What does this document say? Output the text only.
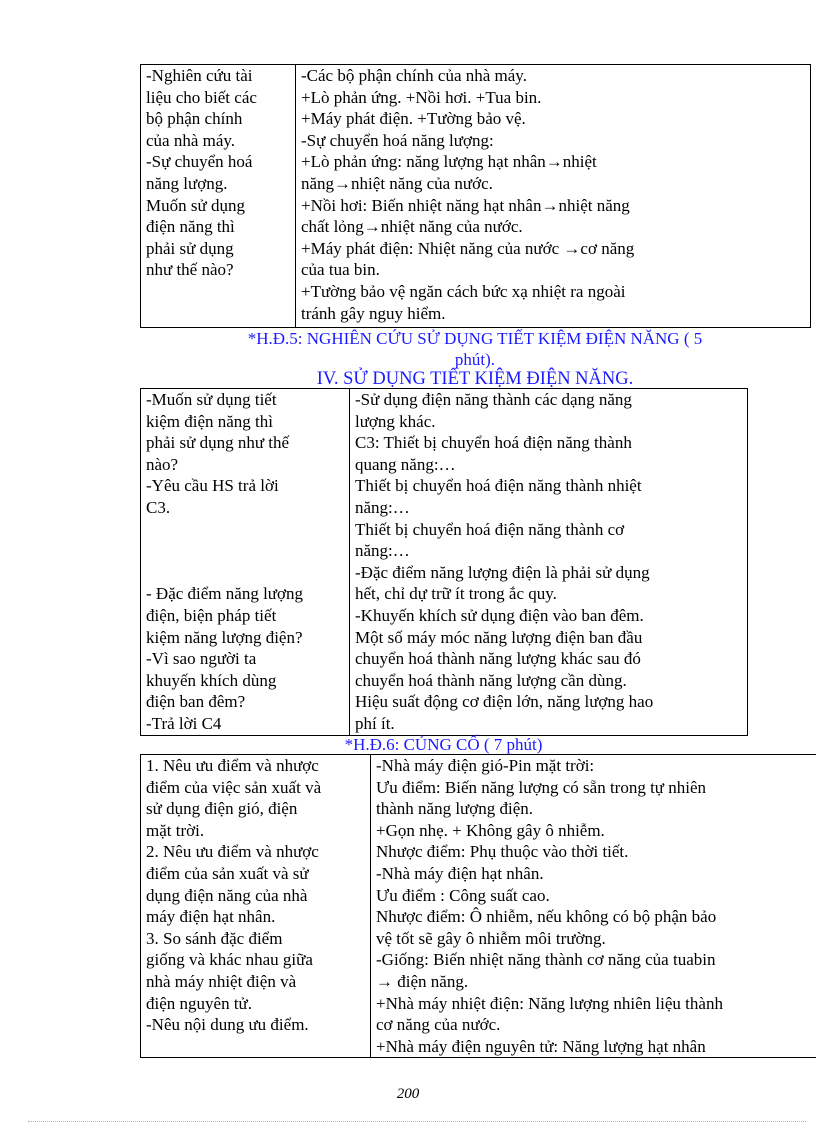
-Nghiên cứu tài
liệu cho biết các
bộ phận chính
của nhà máy.
-Sự chuyển hoá
năng lượng.
Muốn sử dụng
điện năng thì
phải sử dụng
như thế nào?

-Các bộ phận chính của nhà máy.
+Lò phản ứng. +Nồi hơi. +Tua bin.
+Máy phát điện. +Tường bảo vệ.
-Sự chuyển hoá năng lượng:
+Lò phản ứng: năng lượng hạt nhân→nhiệt
năng→nhiệt năng của nước.
+Nồi hơi: Biến nhiệt năng hạt nhân→nhiệt năng
chất lỏng→nhiệt năng của nước.
+Máy phát điện: Nhiệt năng của nước →cơ năng
của tua bin.
+Tường bảo vệ ngăn cách bức xạ nhiệt ra ngoài
tránh gây nguy hiểm.
*H.Đ.5: NGHIÊN CỨU SỬ DỤNG TIẾT KIỆM ĐIỆN NĂNG ( 5
phút).
IV. SỬ DỤNG TIẾT KIỆM ĐIỆN NĂNG.
-Muốn sử dụng tiết
kiệm điện năng thì
phải sử dụng như thế
nào?
-Yêu cầu HS trả lời
C3.

- Đặc điểm năng lượng
điện, biện pháp tiết
kiệm năng lượng điện?
-Vì sao người ta
khuyến khích dùng
điện ban đêm?
-Trả lời C4

-Sử dụng điện năng thành các dạng năng
lượng khác.
C3: Thiết bị chuyển hoá điện năng thành
quang năng:…
Thiết bị chuyển hoá điện năng thành nhiệt
năng:…
Thiết bị chuyển hoá điện năng thành cơ
năng:…
-Đặc điểm năng lượng điện là phải sử dụng
hết, chỉ dự trữ ít trong ắc quy.
-Khuyến khích sử dụng điện vào ban đêm.
Một số máy móc năng lượng điện ban đầu
chuyển hoá thành năng lượng khác sau đó
chuyển hoá thành năng lượng cần dùng.
Hiệu suất động cơ điện lớn, năng lượng hao
phí ít.
*H.Đ.6: CỦNG CỐ ( 7 phút)
1. Nêu ưu điểm và nhược
điểm của việc sản xuất và
sử dụng điện gió, điện
mặt trời.
2. Nêu ưu điểm và nhược
điểm của sản xuất và sử
dụng điện năng của nhà
máy điện hạt nhân.
3. So sánh đặc điểm
giống và khác nhau giữa
nhà máy nhiệt điện và
điện nguyên tử.
-Nêu nội dung ưu điểm.

-Nhà máy điện gió-Pin mặt trời:
Ưu điểm: Biến năng lượng có sẵn trong tự nhiên
thành năng lượng điện.
+Gọn nhẹ. + Không gây ô nhiễm.
Nhược điểm: Phụ thuộc vào thời tiết.
-Nhà máy điện hạt nhân.
Ưu điểm : Công suất cao.
Nhược điểm: Ô nhiễm, nếu không có bộ phận bảo
vệ tốt sẽ gây ô nhiễm môi trường.
-Giống: Biến nhiệt năng thành cơ năng của tuabin
→ điện năng.
+Nhà máy nhiệt điện: Năng lượng nhiên liệu thành
cơ năng của nước.
+Nhà máy điện nguyên tử: Năng lượng hạt nhân
200
